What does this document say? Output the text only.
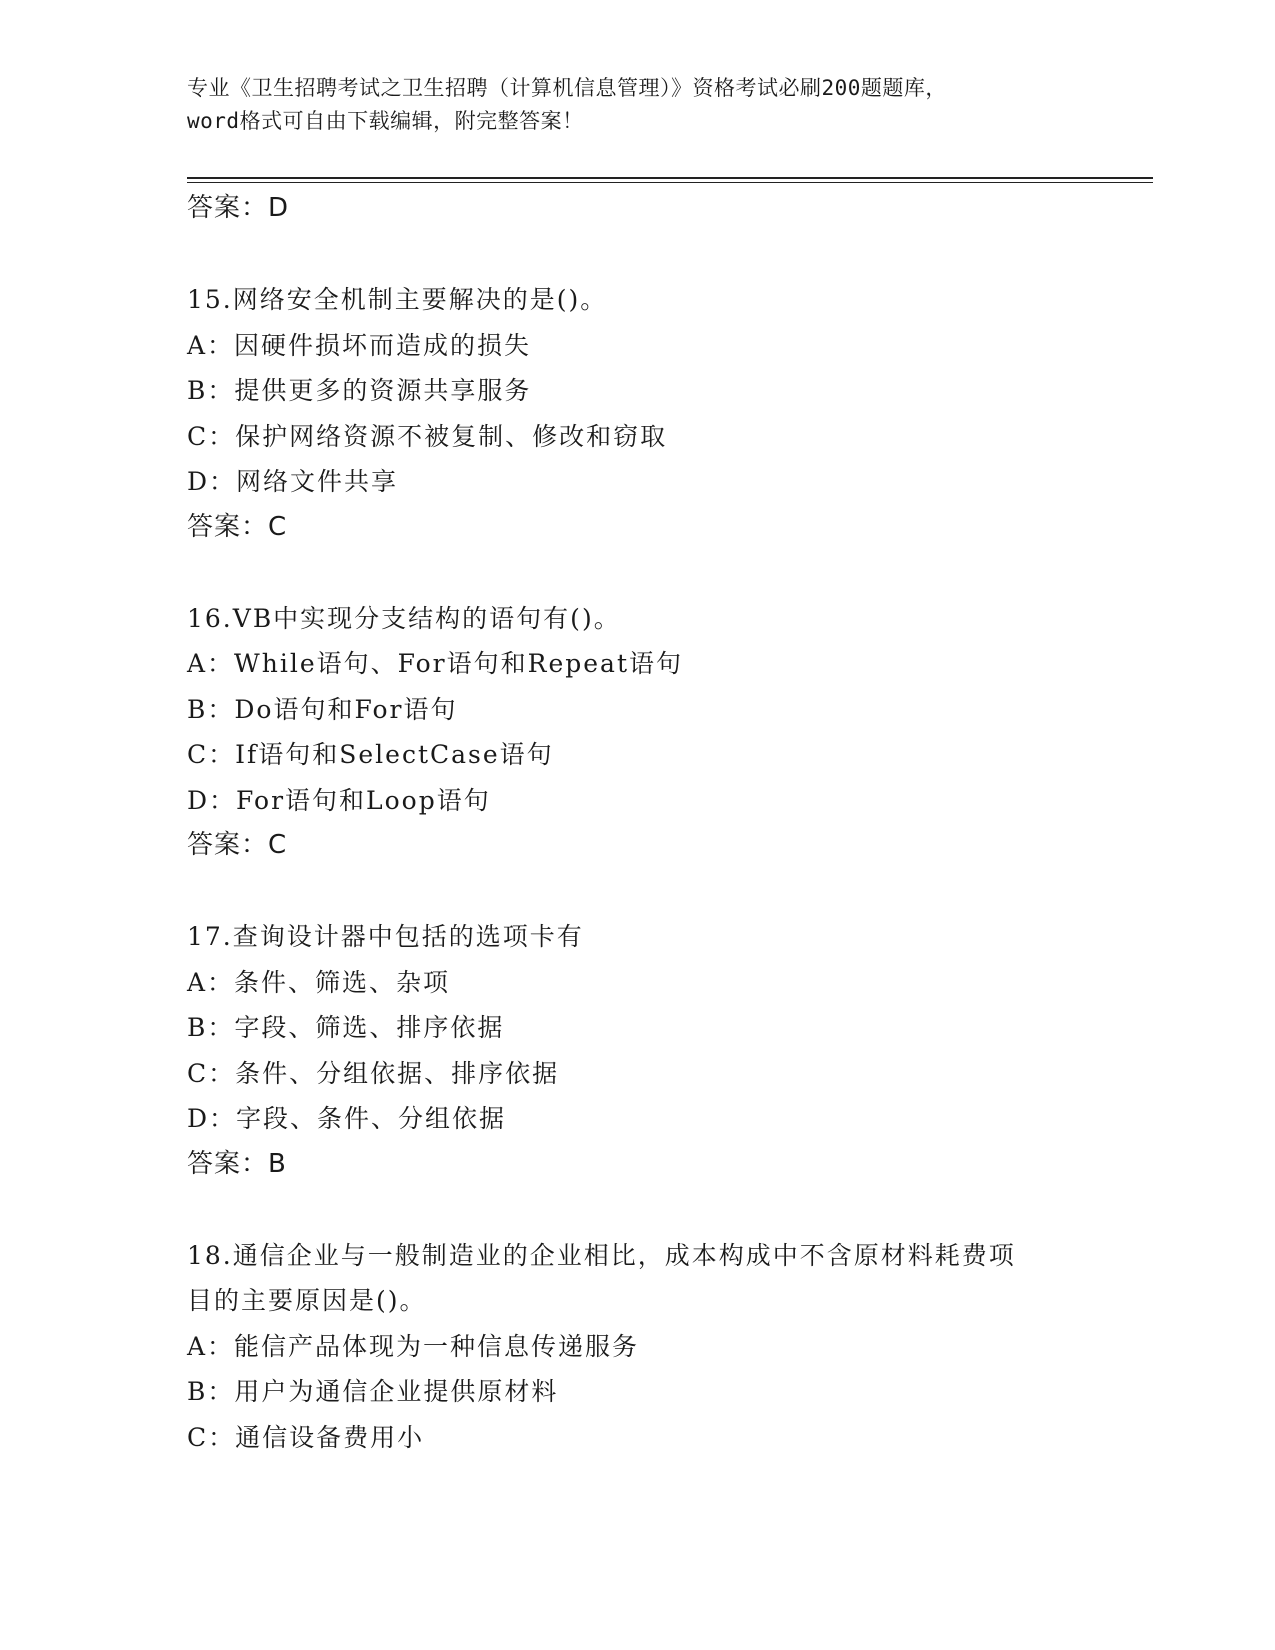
专业《卫生招聘考试之卫生招聘（计算机信息管理）》资格考试必刷200题题库，
word格式可自由下载编辑，附完整答案！
答案：D
15.网络安全机制主要解决的是()。
A：因硬件损坏而造成的损失
B：提供更多的资源共享服务
C：保护网络资源不被复制、修改和窃取
D：网络文件共享
答案：C
16.VB中实现分支结构的语句有()。
A：While语句、For语句和Repeat语句
B：Do语句和For语句
C：If语句和SelectCase语句
D：For语句和Loop语句
答案：C
17.查询设计器中包括的选项卡有
A：条件、筛选、杂项
B：字段、筛选、排序依据
C：条件、分组依据、排序依据
D：字段、条件、分组依据
答案：B
18.通信企业与一般制造业的企业相比，成本构成中不含原材料耗费项
目的主要原因是()。
A：能信产品体现为一种信息传递服务
B：用户为通信企业提供原材料
C：通信设备费用小
